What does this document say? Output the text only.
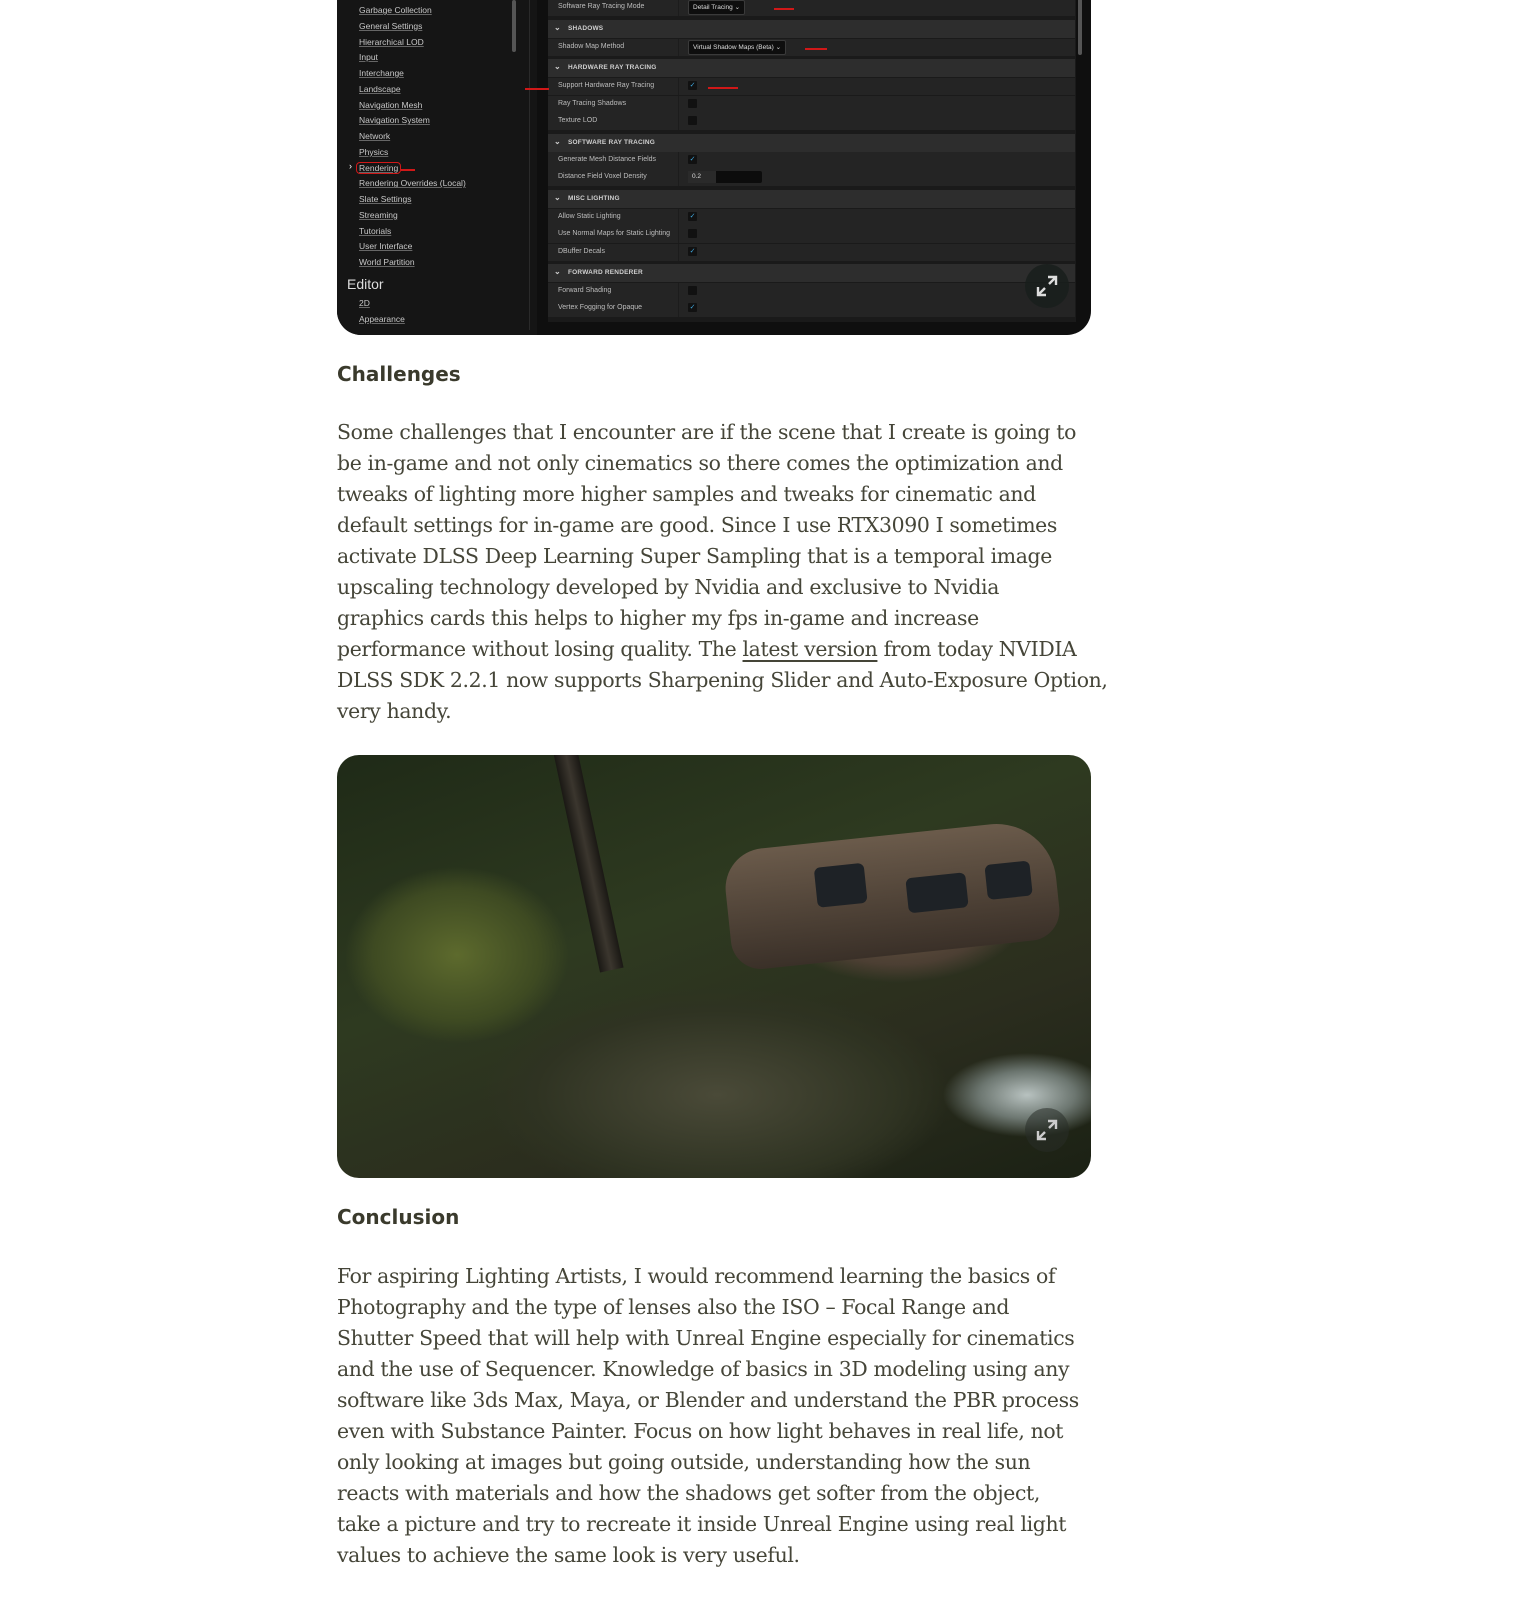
Garbage Collection
General Settings
Hierarchical LOD
Input
Interchange
Landscape
Navigation Mesh
Navigation System
Network
Physics
Rendering
Rendering Overrides (Local)
Slate Settings
Streaming
Tutorials
User Interface
World Partition
›
Editor
2D
Appearance
Software Ray Tracing Mode	Detail Tracing ⌄
⌄ SHADOWS
Shadow Map Method	Virtual Shadow Maps (Beta) ⌄
⌄ HARDWARE RAY TRACING
Support Hardware Ray Tracing	✓
Ray Tracing Shadows
Texture LOD
⌄ SOFTWARE RAY TRACING
Generate Mesh Distance Fields	✓
Distance Field Voxel Density	0.2
⌄ MISC LIGHTING
Allow Static Lighting	✓
Use Normal Maps for Static Lighting
DBuffer Decals	✓
⌄ FORWARD RENDERER
Forward Shading
Vertex Fogging for Opaque	✓
Challenges
Some challenges that I encounter are if the scene that I create is going to
be in-game and not only cinematics so there comes the optimization and
tweaks of lighting more higher samples and tweaks for cinematic and
default settings for in-game are good. Since I use RTX3090 I sometimes
activate DLSS Deep Learning Super Sampling that is a temporal image
upscaling technology developed by Nvidia and exclusive to Nvidia
graphics cards this helps to higher my fps in-game and increase
performance without losing quality. The latest version from today NVIDIA
DLSS SDK 2.2.1 now supports Sharpening Slider and Auto-Exposure Option,
very handy.
Conclusion
For aspiring Lighting Artists, I would recommend learning the basics of
Photography and the type of lenses also the ISO – Focal Range and
Shutter Speed that will help with Unreal Engine especially for cinematics
and the use of Sequencer. Knowledge of basics in 3D modeling using any
software like 3ds Max, Maya, or Blender and understand the PBR process
even with Substance Painter. Focus on how light behaves in real life, not
only looking at images but going outside, understanding how the sun
reacts with materials and how the shadows get softer from the object,
take a picture and try to recreate it inside Unreal Engine using real light
values to achieve the same look is very useful.
